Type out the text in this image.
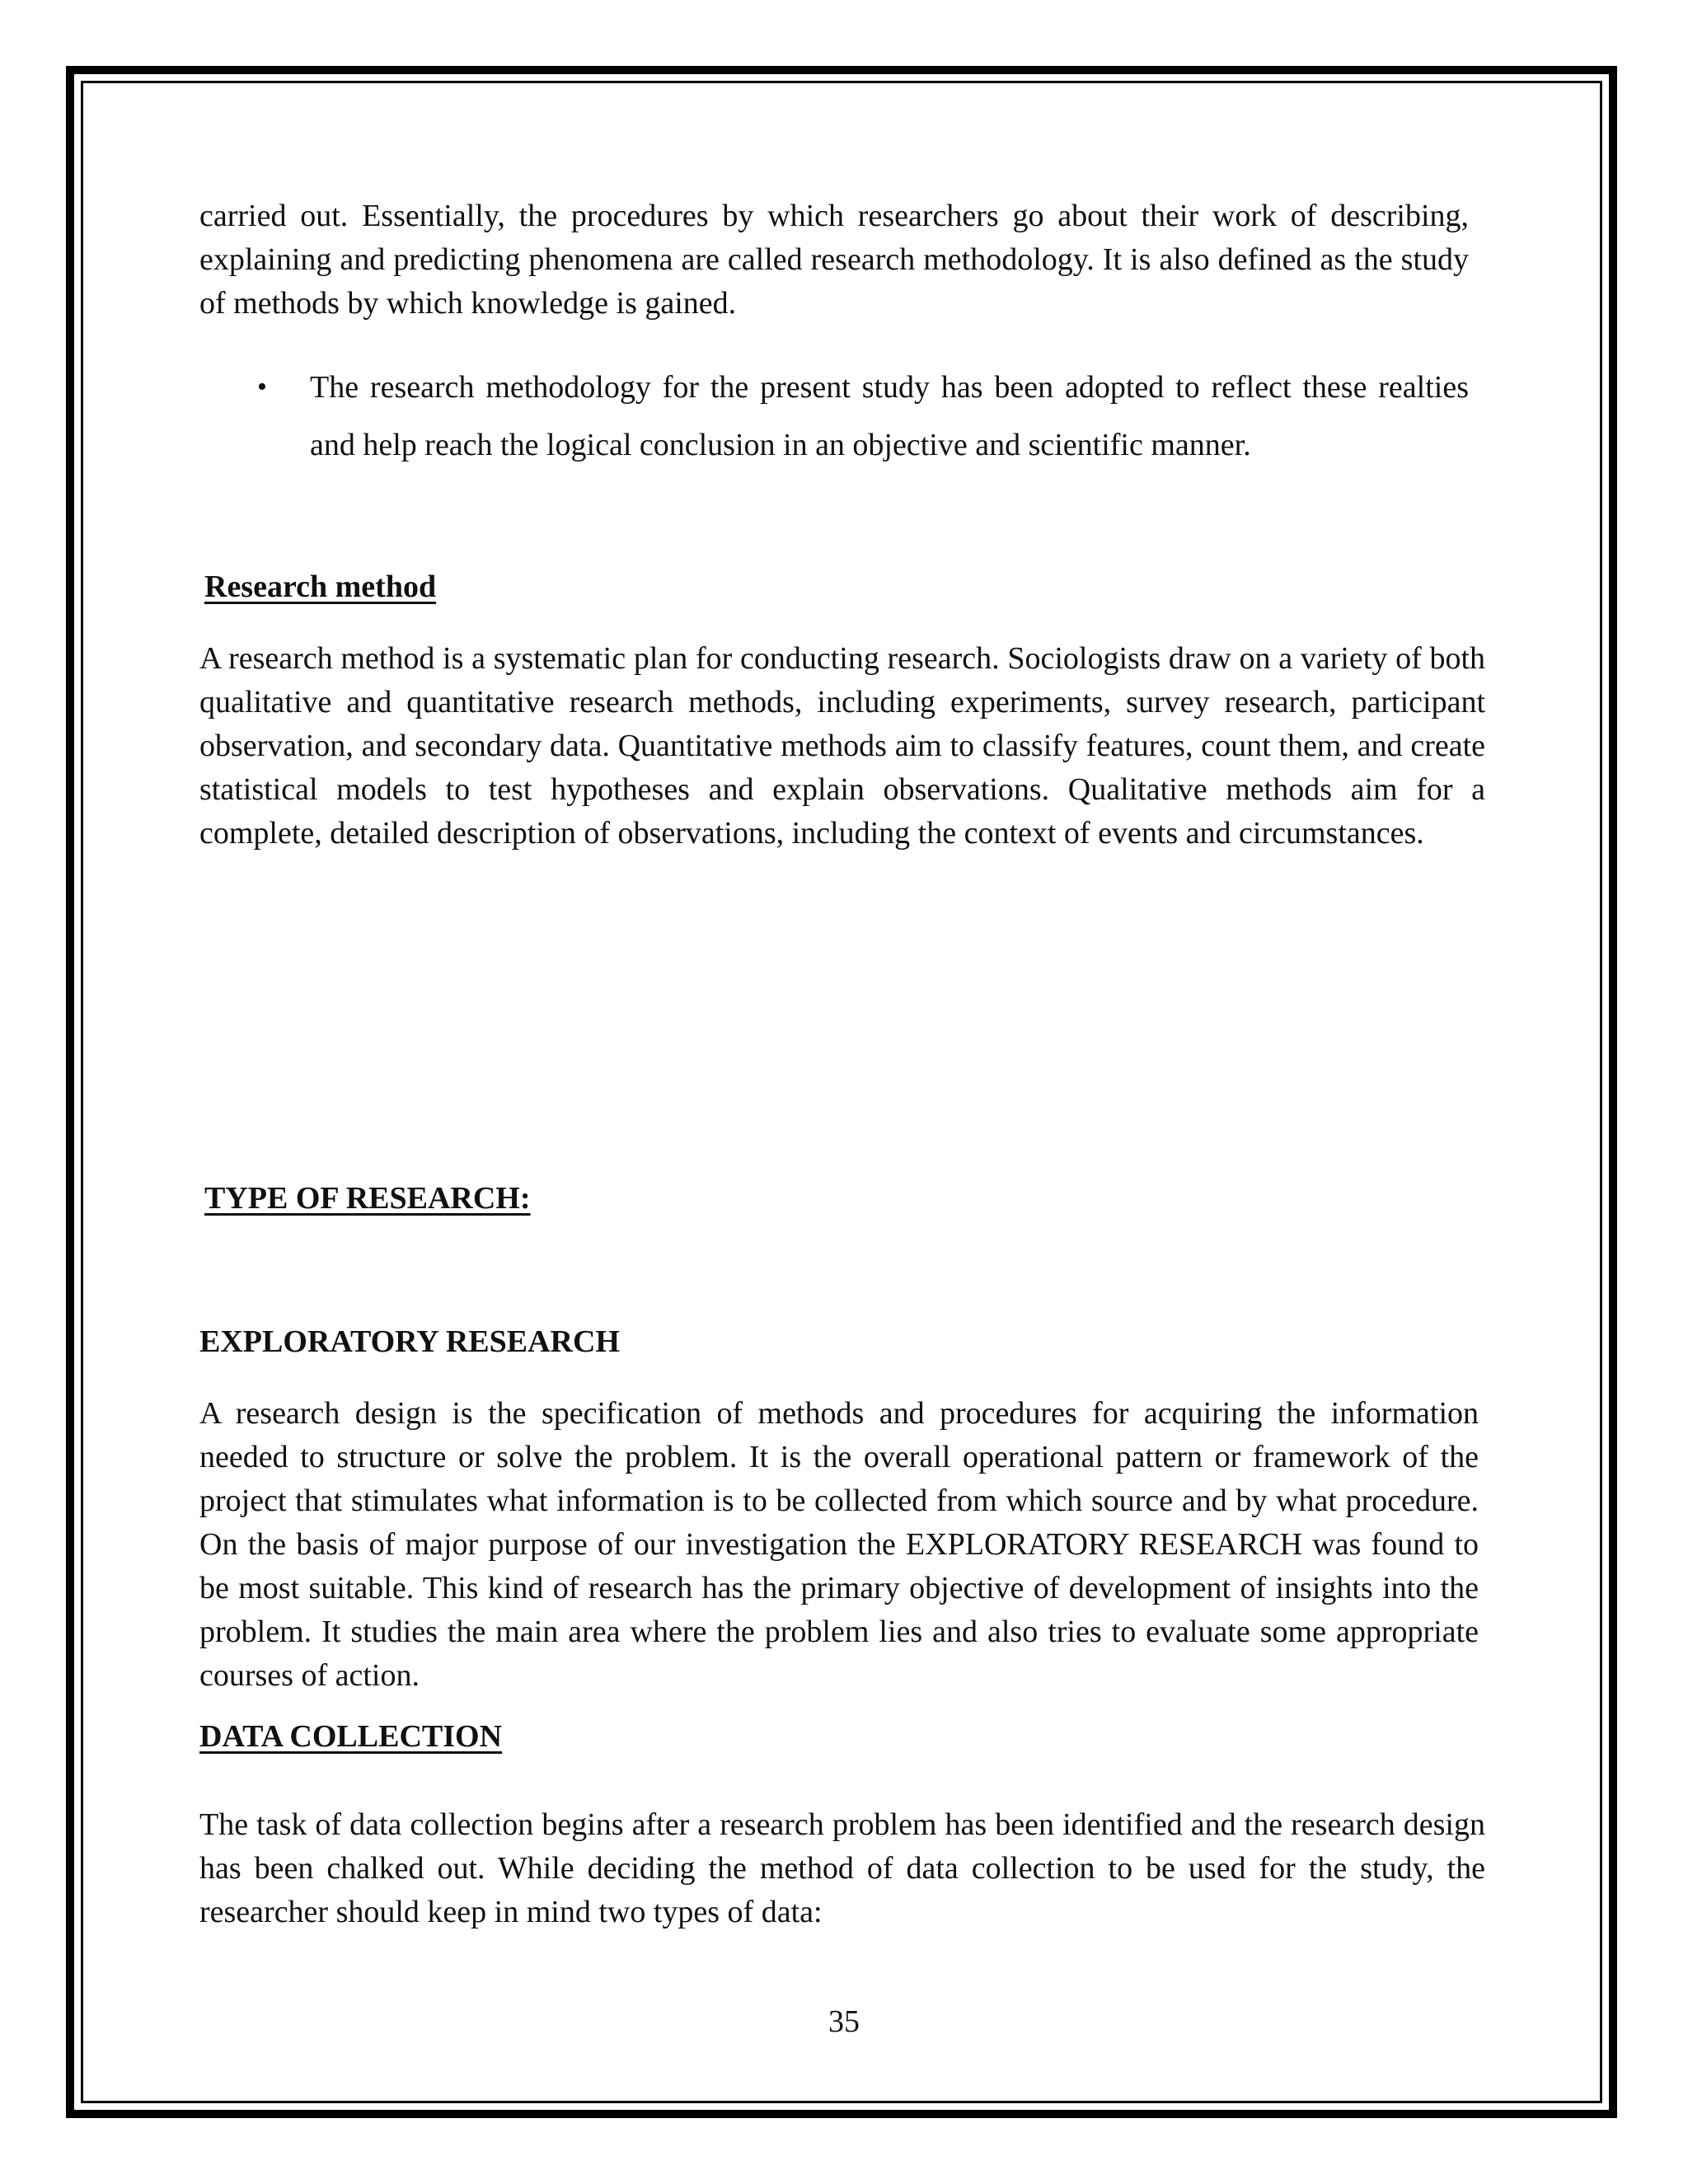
carried out. Essentially, the procedures by which researchers go about their work of describing, explaining and predicting phenomena are called research methodology. It is also defined as the study of methods by which knowledge is gained.

• The research methodology for the present study has been adopted to reflect these realties and help reach the logical conclusion in an objective and scientific manner.

Research method

A research method is a systematic plan for conducting research. Sociologists draw on a variety of both qualitative and quantitative research methods, including experiments, survey research, participant observation, and secondary data. Quantitative methods aim to classify features, count them, and create statistical models to test hypotheses and explain observations. Qualitative methods aim for a complete, detailed description of observations, including the context of events and circumstances.

TYPE OF RESEARCH:
EXPLORATORY RESEARCH

A research design is the specification of methods and procedures for acquiring the information needed to structure or solve the problem. It is the overall operational pattern or framework of the project that stimulates what information is to be collected from which source and by what procedure. On the basis of major purpose of our investigation the EXPLORATORY RESEARCH was found to be most suitable. This kind of research has the primary objective of development of insights into the problem. It studies the main area where the problem lies and also tries to evaluate some appropriate courses of action.

DATA COLLECTION

The task of data collection begins after a research problem has been identified and the research design has been chalked out. While deciding the method of data collection to be used for the study, the researcher should keep in mind two types of data:

35
